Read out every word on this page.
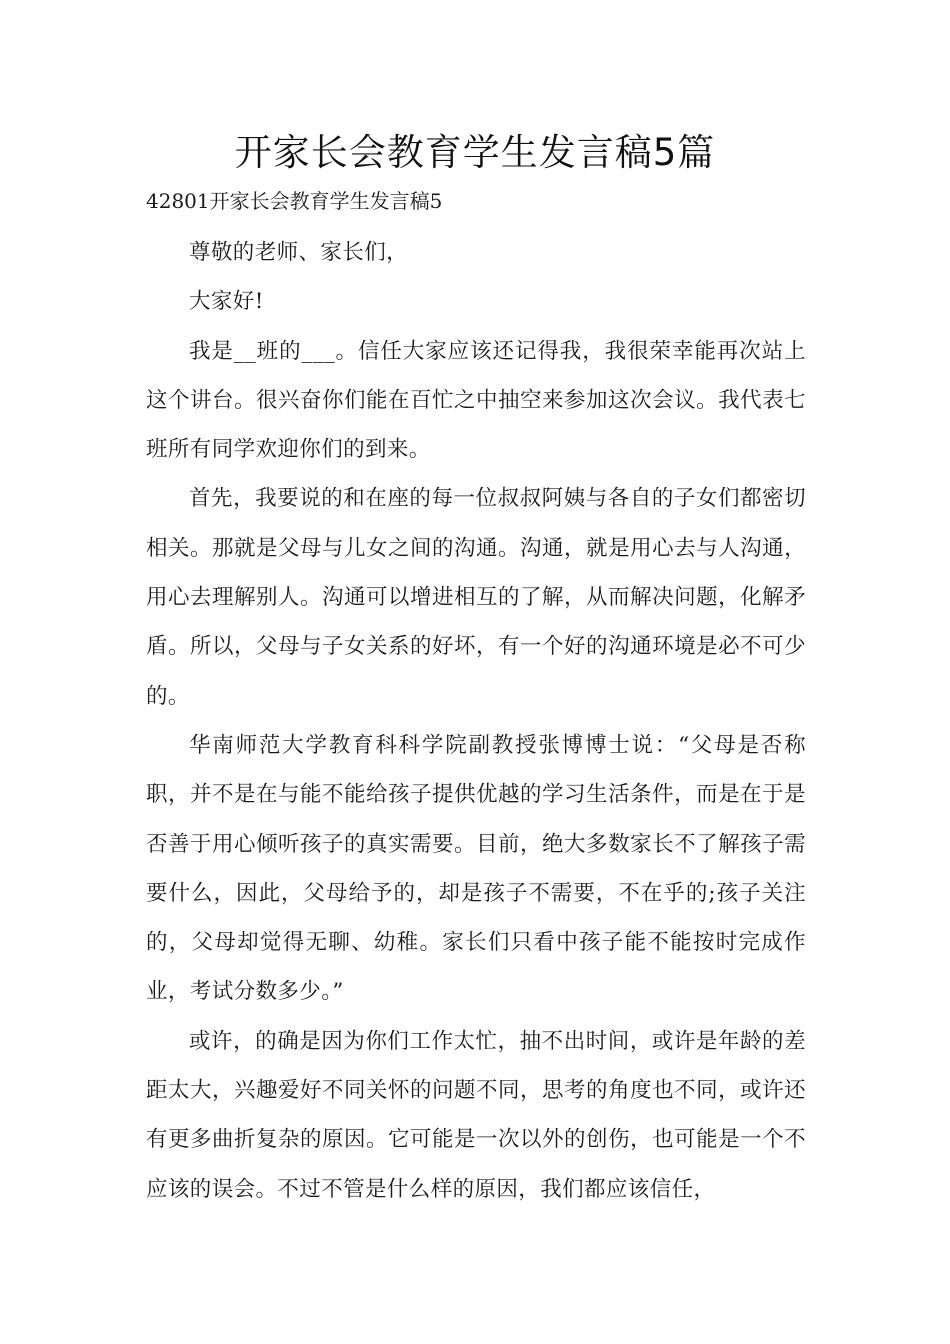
开家长会教育学生发言稿5篇
42801开家长会教育学生发言稿5

尊敬的老师、家长们，

大家好!

我是__班的___。信任大家应该还记得我，我很荣幸能再次站上这个讲台。很兴奋你们能在百忙之中抽空来参加这次会议。我代表七班所有同学欢迎你们的到来。

首先，我要说的和在座的每一位叔叔阿姨与各自的子女们都密切相关。那就是父母与儿女之间的沟通。沟通，就是用心去与人沟通，用心去理解别人。沟通可以增进相互的了解，从而解决问题，化解矛盾。所以，父母与子女关系的好坏，有一个好的沟通环境是必不可少的。

华南师范大学教育科科学院副教授张博博士说：“父母是否称职，并不是在与能不能给孩子提供优越的学习生活条件，而是在于是否善于用心倾听孩子的真实需要。目前，绝大多数家长不了解孩子需要什么，因此，父母给予的，却是孩子不需要，不在乎的;孩子关注的，父母却觉得无聊、幼稚。家长们只看中孩子能不能按时完成作业，考试分数多少。”

或许，的确是因为你们工作太忙，抽不出时间，或许是年龄的差距太大，兴趣爱好不同关怀的问题不同，思考的角度也不同，或许还有更多曲折复杂的原因。它可能是一次以外的创伤，也可能是一个不应该的误会。不过不管是什么样的原因，我们都应该信任，
